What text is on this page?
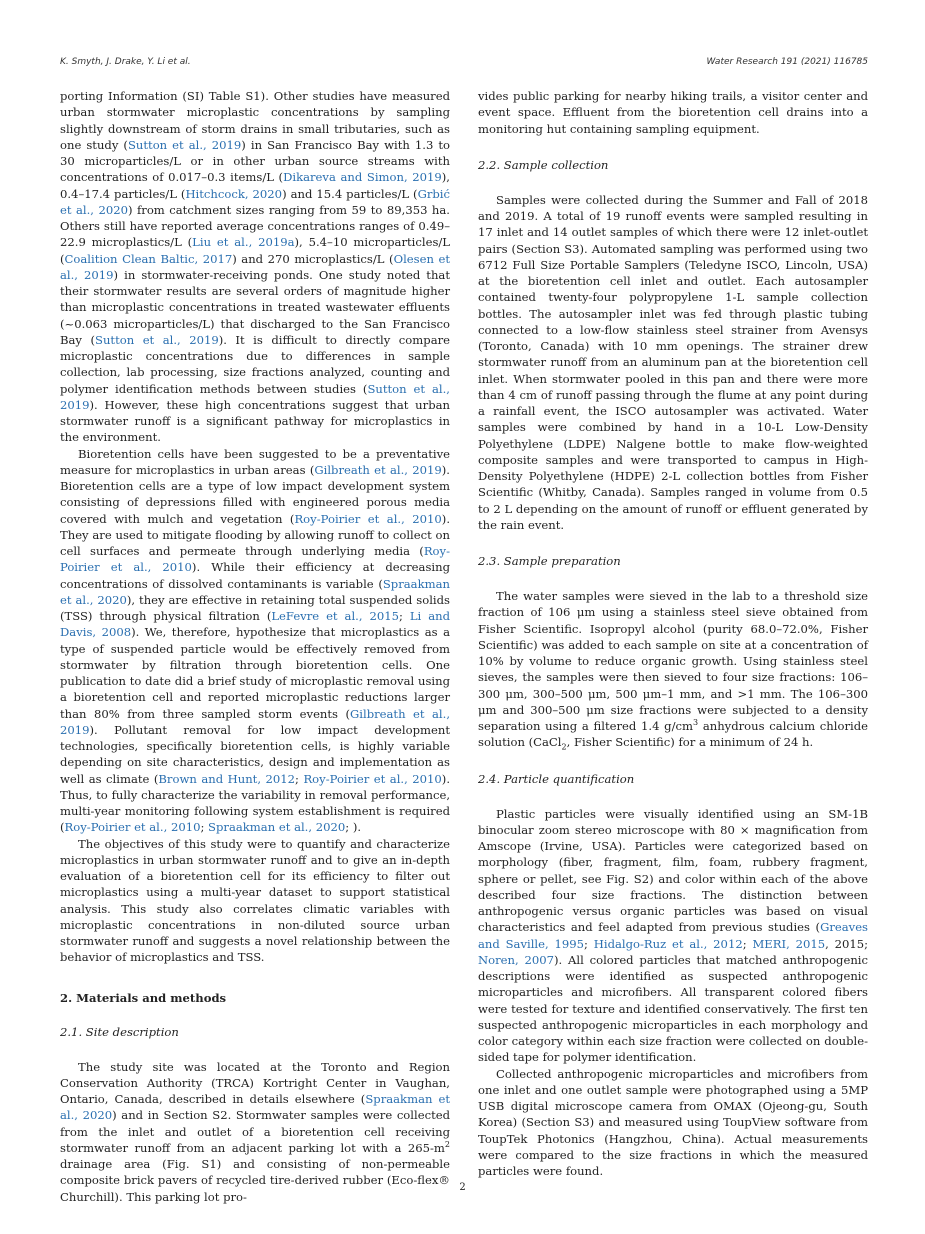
K. Smyth, J. Drake, Y. Li et al.	Water Research 191 (2021) 116785

porting Information (SI) Table S1). Other studies have measured urban stormwater microplastic concentrations by sampling slightly downstream of storm drains in small tributaries, such as one study (Sutton et al., 2019) in San Francisco Bay with 1.3 to 30 microparticles/L or in other urban source streams with concentrations of 0.017–0.3 items/L (Dikareva and Simon, 2019), 0.4–17.4 particles/L (Hitchcock, 2020) and 15.4 particles/L (Grbić et al., 2020) from catchment sizes ranging from 59 to 89,353 ha. Others still have reported average concentrations ranges of 0.49–22.9 microplastics/L (Liu et al., 2019a), 5.4–10 microparticles/L (Coalition Clean Baltic, 2017) and 270 microplastics/L (Olesen et al., 2019) in stormwater-receiving ponds. One study noted that their stormwater results are several orders of magnitude higher than microplastic concentrations in treated wastewater effluents (~0.063 microparticles/L) that discharged to the San Francisco Bay (Sutton et al., 2019). It is difficult to directly compare microplastic concentrations due to differences in sample collection, lab processing, size fractions analyzed, counting and polymer identification methods between studies (Sutton et al., 2019). However, these high concentrations suggest that urban stormwater runoff is a significant pathway for microplastics in the environment.

Bioretention cells have been suggested to be a preventative measure for microplastics in urban areas (Gilbreath et al., 2019). Bioretention cells are a type of low impact development system consisting of depressions filled with engineered porous media covered with mulch and vegetation (Roy-Poirier et al., 2010). They are used to mitigate flooding by allowing runoff to collect on cell surfaces and permeate through underlying media (Roy-Poirier et al., 2010). While their efficiency at decreasing concentrations of dissolved contaminants is variable (Spraakman et al., 2020), they are effective in retaining total suspended solids (TSS) through physical filtration (LeFevre et al., 2015; Li and Davis, 2008). We, therefore, hypothesize that microplastics as a type of suspended particle would be effectively removed from stormwater by filtration through bioretention cells. One publication to date did a brief study of microplastic removal using a bioretention cell and reported microplastic reductions larger than 80% from three sampled storm events (Gilbreath et al., 2019). Pollutant removal for low impact development technologies, specifically bioretention cells, is highly variable depending on site characteristics, design and implementation as well as climate (Brown and Hunt, 2012; Roy-Poirier et al., 2010). Thus, to fully characterize the variability in removal performance, multi-year monitoring following system establishment is required (Roy-Poirier et al., 2010; Spraakman et al., 2020; ).

The objectives of this study were to quantify and characterize microplastics in urban stormwater runoff and to give an in-depth evaluation of a bioretention cell for its efficiency to filter out microplastics using a multi-year dataset to support statistical analysis. This study also correlates climatic variables with microplastic concentrations in non-diluted source urban stormwater runoff and suggests a novel relationship between the behavior of microplastics and TSS.

2. Materials and methods
2.1. Site description

The study site was located at the Toronto and Region Conservation Authority (TRCA) Kortright Center in Vaughan, Ontario, Canada, described in details elsewhere (Spraakman et al., 2020) and in Section S2. Stormwater samples were collected from the inlet and outlet of a bioretention cell receiving stormwater runoff from an adjacent parking lot with a $265-m^2$ drainage area (Fig. S1) and consisting of non-permeable composite brick pavers of recycled tire-derived rubber (Eco-flex® Churchill). This parking lot pro-

vides public parking for nearby hiking trails, a visitor center and event space. Effluent from the bioretention cell drains into a monitoring hut containing sampling equipment.

2.2. Sample collection

Samples were collected during the Summer and Fall of 2018 and 2019. A total of 19 runoff events were sampled resulting in 17 inlet and 14 outlet samples of which there were 12 inlet-outlet pairs (Section S3). Automated sampling was performed using two 6712 Full Size Portable Samplers (Teledyne ISCO, Lincoln, USA) at the bioretention cell inlet and outlet. Each autosampler contained twenty-four polypropylene 1-L sample collection bottles. The autosampler inlet was fed through plastic tubing connected to a low-flow stainless steel strainer from Avensys (Toronto, Canada) with 10 mm openings. The strainer drew stormwater runoff from an aluminum pan at the bioretention cell inlet. When stormwater pooled in this pan and there were more than 4 cm of runoff passing through the flume at any point during a rainfall event, the ISCO autosampler was activated. Water samples were combined by hand in a 10-L Low-Density Polyethylene (LDPE) Nalgene bottle to make flow-weighted composite samples and were transported to campus in High-Density Polyethylene (HDPE) 2-L collection bottles from Fisher Scientific (Whitby, Canada). Samples ranged in volume from 0.5 to 2 L depending on the amount of runoff or effluent generated by the rain event.

2.3. Sample preparation

The water samples were sieved in the lab to a threshold size fraction of 106 μm using a stainless steel sieve obtained from Fisher Scientific. Isopropyl alcohol (purity 68.0–72.0%, Fisher Scientific) was added to each sample on site at a concentration of 10% by volume to reduce organic growth. Using stainless steel sieves, the samples were then sieved to four size fractions: 106–300 μm, 300–500 μm, 500 μm–1 mm, and >1 mm. The 106–300 μm and 300–500 μm size fractions were subjected to a density separation using a filtered 1.4 $g/cm^3$ anhydrous calcium chloride solution (CaCl$_2$, Fisher Scientific) for a minimum of 24 h.

2.4. Particle quantification

Plastic particles were visually identified using an SM-1B binocular zoom stereo microscope with 80 × magnification from Amscope (Irvine, USA). Particles were categorized based on morphology (fiber, fragment, film, foam, rubbery fragment, sphere or pellet, see Fig. S2) and color within each of the above described four size fractions. The distinction between anthropogenic versus organic particles was based on visual characteristics and feel adapted from previous studies (Greaves and Saville, 1995; Hidalgo-Ruz et al., 2012; MERI, 2015, 2015; Noren, 2007). All colored particles that matched anthropogenic descriptions were identified as suspected anthropogenic microparticles and microfibers. All transparent colored fibers were tested for texture and identified conservatively. The first ten suspected anthropogenic microparticles in each morphology and color category within each size fraction were collected on double-sided tape for polymer identification.

Collected anthropogenic microparticles and microfibers from one inlet and one outlet sample were photographed using a 5MP USB digital microscope camera from OMAX (Ojeong-gu, South Korea) (Section S3) and measured using ToupView software from ToupTek Photonics (Hangzhou, China). Actual measurements were compared to the size fractions in which the measured particles were found.

2
